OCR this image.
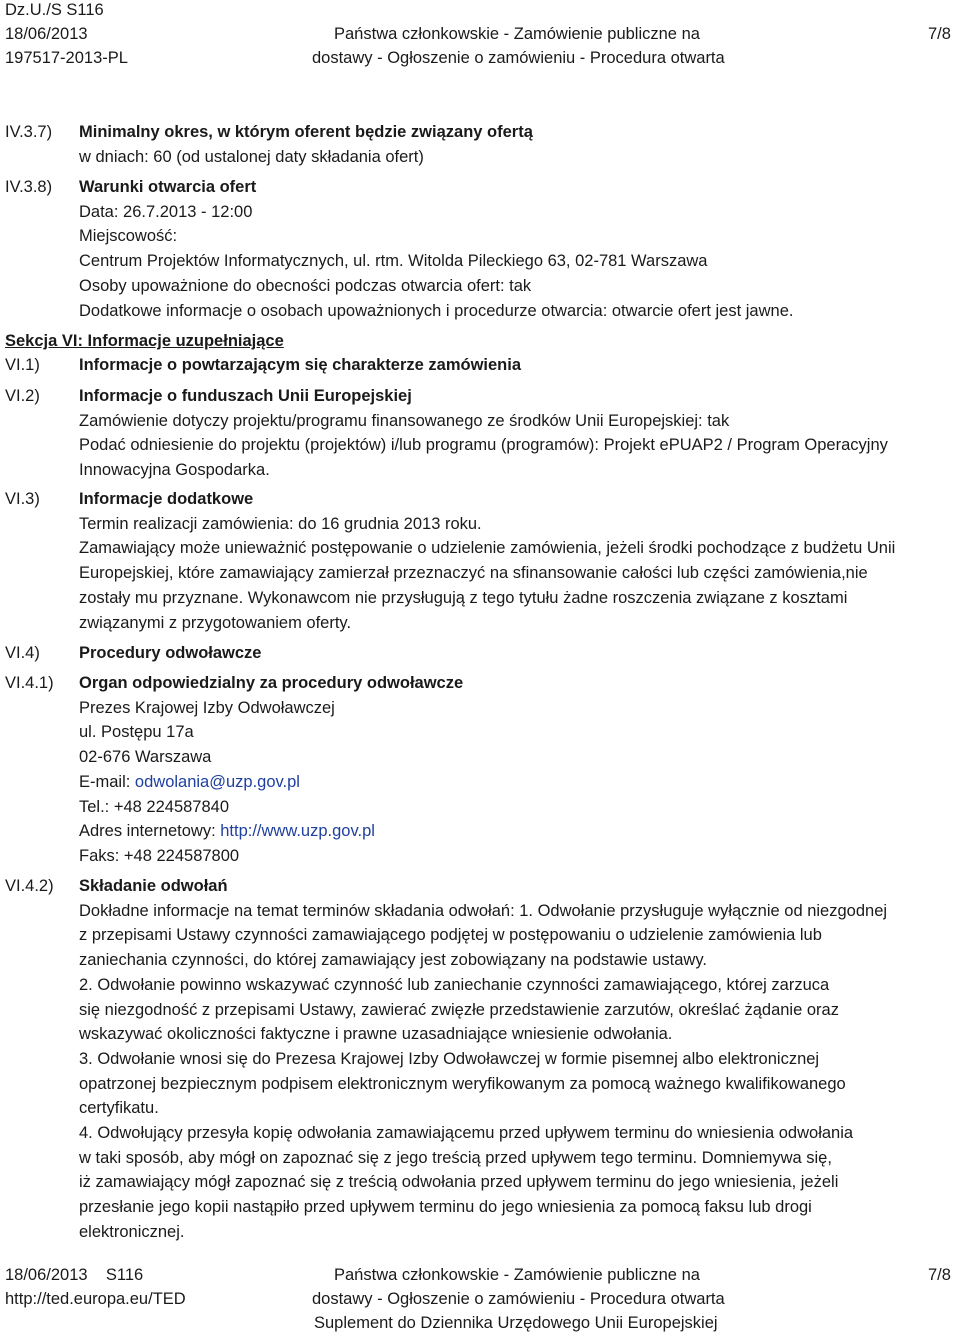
Dz.U./S S116
18/06/2013
197517-2013-PL
Państwa członkowskie - Zamówienie publiczne na
dostawy - Ogłoszenie o zamówieniu - Procedura otwarta
7/8
IV.3.7) Minimalny okres, w którym oferent będzie związany ofertą
w dniach: 60 (od ustalonej daty składania ofert)
IV.3.8) Warunki otwarcia ofert
Data: 26.7.2013 - 12:00
Miejscowość:
Centrum Projektów Informatycznych, ul. rtm. Witolda Pileckiego 63, 02-781 Warszawa
Osoby upoważnione do obecności podczas otwarcia ofert: tak
Dodatkowe informacje o osobach upoważnionych i procedurze otwarcia: otwarcie ofert jest jawne.
Sekcja VI: Informacje uzupełniające
VI.1) Informacje o powtarzającym się charakterze zamówienia
VI.2) Informacje o funduszach Unii Europejskiej
Zamówienie dotyczy projektu/programu finansowanego ze środków Unii Europejskiej: tak
Podać odniesienie do projektu (projektów) i/lub programu (programów): Projekt ePUAP2 / Program Operacyjny
Innowacyjna Gospodarka.
VI.3) Informacje dodatkowe
Termin realizacji zamówienia: do 16 grudnia 2013 roku.
Zamawiający może unieważnić postępowanie o udzielenie zamówienia, jeżeli środki pochodzące z budżetu Unii
Europejskiej, które zamawiający zamierzał przeznaczyć na sfinansowanie całości lub części zamówienia,nie
zostały mu przyznane. Wykonawcom nie przysługują z tego tytułu żadne roszczenia związane z kosztami
związanymi z przygotowaniem oferty.
VI.4) Procedury odwoławcze
VI.4.1) Organ odpowiedzialny za procedury odwoławcze
Prezes Krajowej Izby Odwoławczej
ul. Postępu 17a
02-676 Warszawa
E-mail: odwolania@uzp.gov.pl
Tel.: +48 224587840
Adres internetowy: http://www.uzp.gov.pl
Faks: +48 224587800
VI.4.2) Składanie odwołań
Dokładne informacje na temat terminów składania odwołań: 1. Odwołanie przysługuje wyłącznie od niezgodnej
z przepisami Ustawy czynności zamawiającego podjętej w postępowaniu o udzielenie zamówienia lub
zaniechania czynności, do której zamawiający jest zobowiązany na podstawie ustawy.
2. Odwołanie powinno wskazywać czynność lub zaniechanie czynności zamawiającego, której zarzuca
się niezgodność z przepisami Ustawy, zawierać zwięzłe przedstawienie zarzutów, określać żądanie oraz
wskazywać okoliczności faktyczne i prawne uzasadniające wniesienie odwołania.
3. Odwołanie wnosi się do Prezesa Krajowej Izby Odwoławczej w formie pisemnej albo elektronicznej
opatrzonej bezpiecznym podpisem elektronicznym weryfikowanym za pomocą ważnego kwalifikowanego
certyfikatu.
4. Odwołujący przesyła kopię odwołania zamawiającemu przed upływem terminu do wniesienia odwołania
w taki sposób, aby mógł on zapoznać się z jego treścią przed upływem tego terminu. Domniemywa się,
iż zamawiający mógł zapoznać się z treścią odwołania przed upływem terminu do jego wniesienia, jeżeli
przesłanie jego kopii nastąpiło przed upływem terminu do jego wniesienia za pomocą faksu lub drogi
elektronicznej.
18/06/2013    S116
http://ted.europa.eu/TED
Państwa członkowskie - Zamówienie publiczne na
dostawy - Ogłoszenie o zamówieniu - Procedura otwarta
Suplement do Dziennika Urzędowego Unii Europejskiej
7/8
